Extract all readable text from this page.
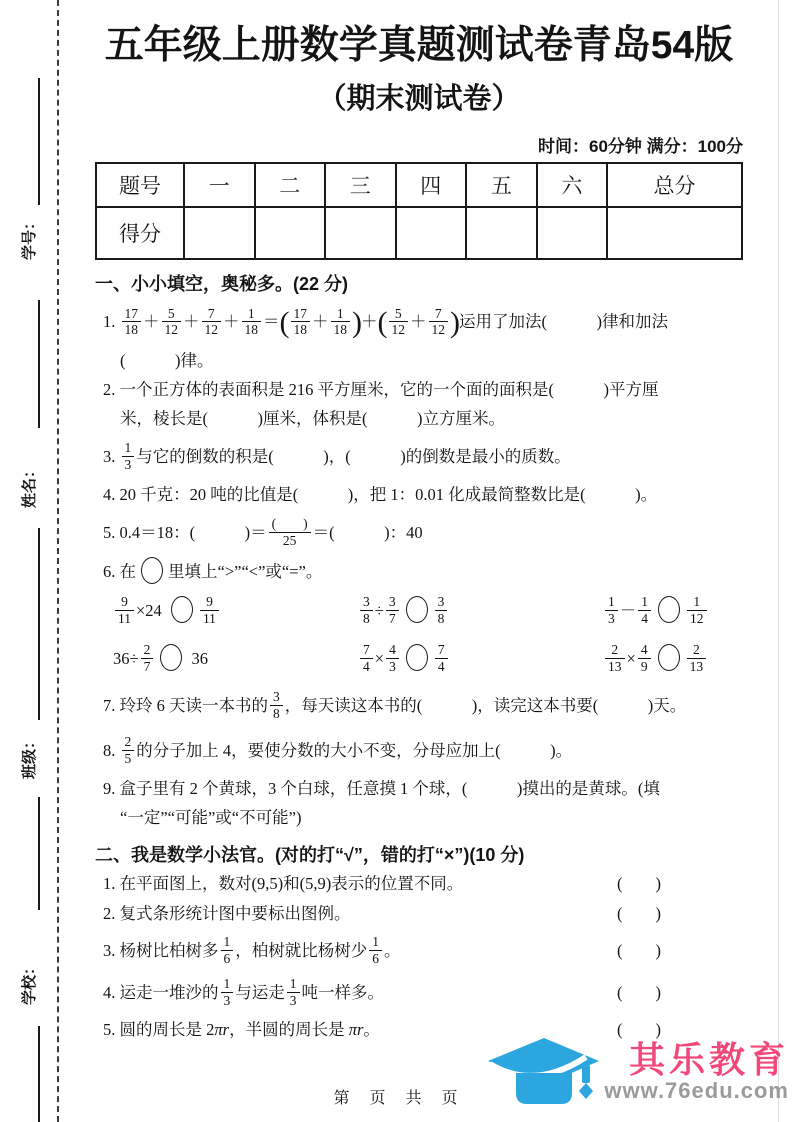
学号：
姓名：
班级：
学校：
五年级上册数学真题测试卷青岛54版
（期末测试卷）
时间：60分钟 满分：100分
题号	一	二	三	四	五	六	总分
得分							
一、小小填空，奥秘多。(22 分)
1. $\frac{17}{18} + \frac{5}{12} + \frac{7}{12} + \frac{1}{18}$ ＝( $\frac{17}{18} + \frac{1}{18}$ )＋( $\frac{5}{12} + \frac{7}{12}$ )运用了加法(　　　)律和加法
(　　　)律。
2. 一个正方体的表面积是 216 平方厘米，它的一个面的面积是(　　　)平方厘
米，棱长是(　　　)厘米，体积是(　　　)立方厘米。
3. $\frac{1}{3}$ 与它的倒数的积是(　　　)，(　　　)的倒数是最小的质数。
4. 20 千克：20 吨的比值是(　　　)，把 1：0.01 化成最简整数比是(　　　)。
5. 0.4＝18：(　　　)＝ $\frac{( )}{25}$ ＝(　　　)：40
6. 在 里填上“>”“<”或“=”。
$\frac{9}{11} \times 24$	$\frac{9}{11}$	$\frac{3}{8} \div \frac{3}{7}$	$\frac{3}{8}$	$\frac{1}{3} - \frac{1}{4}$	$\frac{1}{12}$
$36\div \frac{2}{7} 36$	$\frac{7}{4} \times \frac{4}{3}$	$\frac{7}{4}$	$\frac{2}{13} \times \frac{4}{9}$	$\frac{2}{13}$
7. 玲玲 6 天读一本书的 $\frac{3}{8}$ ，每天读这本书的(　　　)，读完这本书要(　　　)天。
8. $\frac{2}{5}$ 的分子加上 4，要使分数的大小不变，分母应加上(　　　)。
9. 盒子里有 2 个黄球，3 个白球，任意摸 1 个球，(　　　)摸出的是黄球。(填
“一定”“可能”或“不可能”)
二、我是数学小法官。(对的打“√”，错的打“×”)(10 分)
1. 在平面图上，数对(9,5)和(5,9)表示的位置不同。	(　　)
2. 复式条形统计图中要标出图例。	(　　)
3. 杨树比柏树多 $\frac{1}{6}$ ，柏树就比杨树少 $\frac{1}{6}$ 。	(　　)
4. 运走一堆沙的 $\frac{1}{3}$ 与运走 $\frac{1}{3}$ 吨一样多。	(　　)
5. 圆的周长是 2πr，半圆的周长是 πr。	(　　)
第　页　共　页
其乐教育
www.76edu.com
